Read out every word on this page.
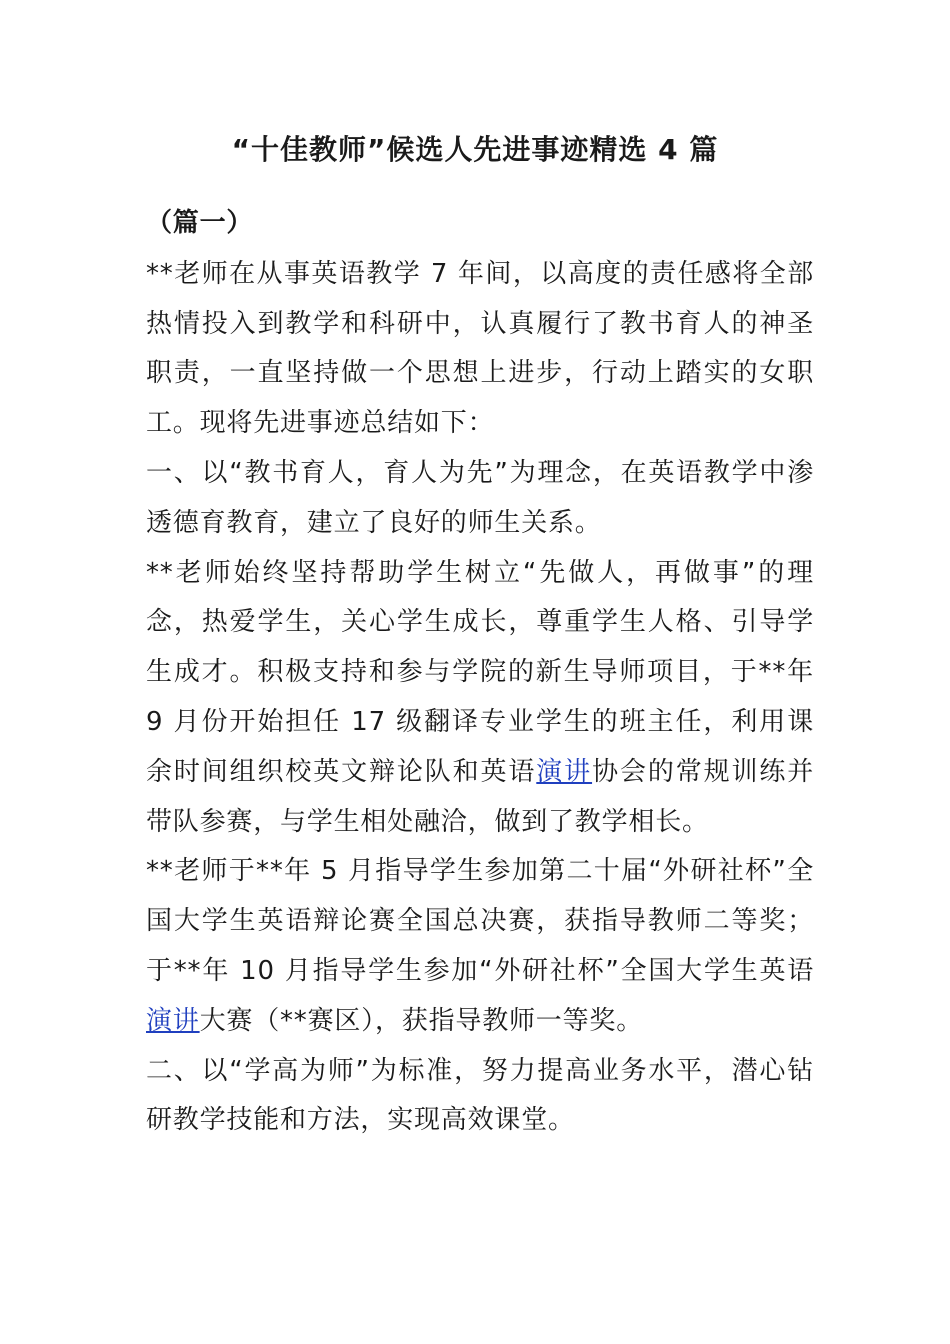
“十佳教师”候选人先进事迹精选 4 篇
（篇一）

**老师在从事英语教学 7 年间，以高度的责任感将全部热情投入到教学和科研中，认真履行了教书育人的神圣职责，一直坚持做一个思想上进步，行动上踏实的女职工。现将先进事迹总结如下：

一、以“教书育人，育人为先”为理念，在英语教学中渗透德育教育，建立了良好的师生关系。

**老师始终坚持帮助学生树立“先做人，再做事”的理念，热爱学生，关心学生成长，尊重学生人格、引导学生成才。积极支持和参与学院的新生导师项目，于**年 9 月份开始担任 17 级翻译专业学生的班主任，利用课余时间组织校英文辩论队和英语演讲协会的常规训练并带队参赛，与学生相处融洽，做到了教学相长。

**老师于**年 5 月指导学生参加第二十届“外研社杯”全国大学生英语辩论赛全国总决赛，获指导教师二等奖；于**年 10 月指导学生参加“外研社杯”全国大学生英语演讲大赛（**赛区），获指导教师一等奖。

二、以“学高为师”为标准，努力提高业务水平，潜心钻研教学技能和方法，实现高效课堂。
